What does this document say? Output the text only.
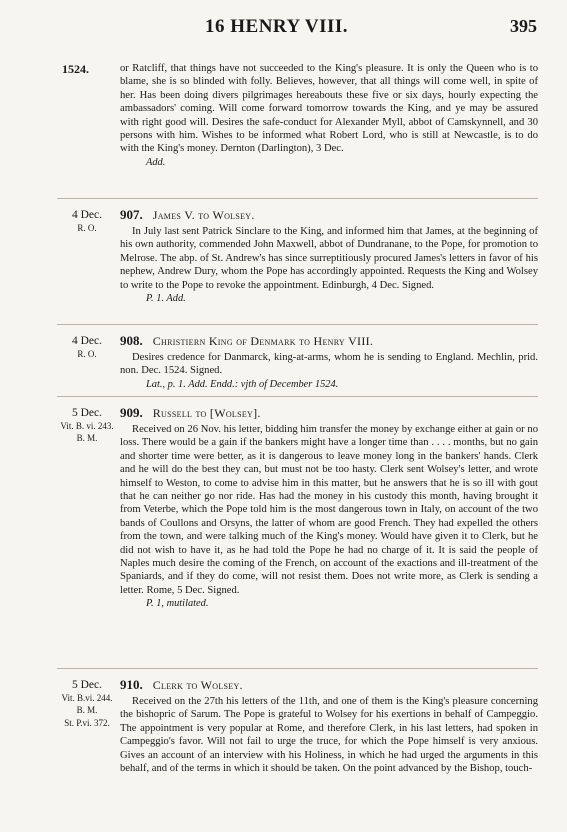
16 HENRY VIII.	395
1524.	or Ratcliff, that things have not succeeded to the King's pleasure. It is only the Queen who is to blame, she is so blinded with folly. Believes, however, that all things will come well, in spite of her. Has been doing divers pilgrimages hereabouts these five or six days, hourly expecting the ambassadors' coming. Will come forward tomorrow towards the King, and ye may be assured with right good will. Desires the safe-conduct for Alexander Myll, abbot of Camskynnell, and 30 persons with him. Wishes to be informed what Robert Lord, who is still at Newcastle, is to do with the King's money. Dernton (Darlington), 3 Dec.

Add.

4 Dec.
R. O.
907. James V. to Wolsey.

In July last sent Patrick Sinclare to the King, and informed him that James, at the beginning of his own authority, commended John Maxwell, abbot of Dundranane, to the Pope, for promotion to Melrose. The abp. of St. Andrew's has since surreptitiously procured James's letters in favor of his nephew, Andrew Dury, whom the Pope has accordingly appointed. Requests the King and Wolsey to write to the Pope to revoke the appointment. Edinburgh, 4 Dec. Signed.

P. 1. Add.

4 Dec.
R. O.
908. Christiern King of Denmark to Henry VIII.

Desires credence for Danmarck, king-at-arms, whom he is sending to England. Mechlin, prid. non. Dec. 1524. Signed.

Lat., p. 1. Add. Endd.: vjth of December 1524.

5 Dec.
Vit. B. vi. 243.
B. M.
909. Russell to [Wolsey].

Received on 26 Nov. his letter, bidding him transfer the money by exchange either at gain or no loss. There would be a gain if the bankers might have a longer time than . . . . months, but no gain and shorter time were better, as it is dangerous to leave money long in the bankers' hands. Clerk and he will do the best they can, but must not be too hasty. Clerk sent Wolsey's letter, and wrote himself to Weston, to come to advise him in this matter, but he answers that he is so ill with gout that he can neither go nor ride. Has had the money in his custody this month, having brought it from Veterbe, which the Pope told him is the most dangerous town in Italy, on account of the two bands of Coullons and Orsyns, the latter of whom are good French. They had expelled the others from the town, and were talking much of the King's money. Would have given it to Clerk, but he did not wish to have it, as he had told the Pope he had no charge of it. It is said the people of Naples much desire the coming of the French, on account of the exactions and ill-treatment of the Spaniards, and if they do come, will not resist them. Does not write more, as Clerk is sending a letter. Rome, 5 Dec. Signed.

P. 1, mutilated.

5 Dec.
Vit. B.vi. 244.
B. M.
St. P.vi. 372.
910. Clerk to Wolsey.

Received on the 27th his letters of the 11th, and one of them is the King's pleasure concerning the bishopric of Sarum. The Pope is grateful to Wolsey for his exertions in behalf of Campeggio. The appointment is very popular at Rome, and therefore Clerk, in his last letters, had spoken in Campeggio's favor. Will not fail to urge the truce, for which the Pope himself is very anxious. Gives an account of an interview with his Holiness, in which he had urged the arguments in this behalf, and of the terms in which it should be taken. On the point advanced by the Bishop, touch-
